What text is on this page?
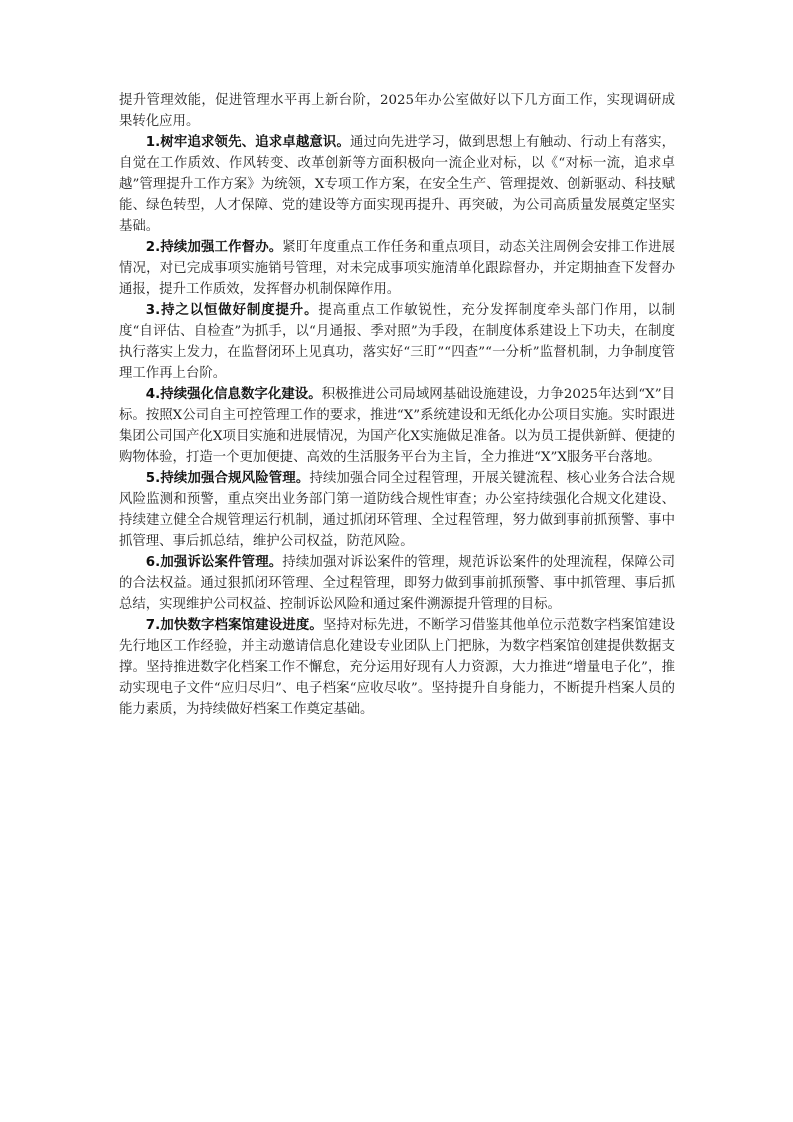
提升管理效能，促进管理水平再上新台阶，2025年办公室做好以下几方面工作，实现调研成果转化应用。

1.树牢追求领先、追求卓越意识。通过向先进学习，做到思想上有触动、行动上有落实，自觉在工作质效、作风转变、改革创新等方面积极向一流企业对标，以《“对标一流，追求卓越”管理提升工作方案》为统领，X专项工作方案，在安全生产、管理提效、创新驱动、科技赋能、绿色转型，人才保障、党的建设等方面实现再提升、再突破，为公司高质量发展奠定坚实基础。

2.持续加强工作督办。紧盯年度重点工作任务和重点项目，动态关注周例会安排工作进展情况，对已完成事项实施销号管理，对未完成事项实施清单化跟踪督办，并定期抽查下发督办通报，提升工作质效，发挥督办机制保障作用。

3.持之以恒做好制度提升。提高重点工作敏锐性，充分发挥制度牵头部门作用，以制度“自评估、自检查”为抓手，以“月通报、季对照”为手段，在制度体系建设上下功夫，在制度执行落实上发力，在监督闭环上见真功，落实好“三盯”“四查”“一分析”监督机制，力争制度管理工作再上台阶。

4.持续强化信息数字化建设。积极推进公司局域网基础设施建设，力争2025年达到“X”目标。按照X公司自主可控管理工作的要求，推进“X”系统建设和无纸化办公项目实施。实时跟进集团公司国产化X项目实施和进展情况，为国产化X实施做足准备。以为员工提供新鲜、便捷的购物体验，打造一个更加便捷、高效的生活服务平台为主旨，全力推进“X”X服务平台落地。

5.持续加强合规风险管理。持续加强合同全过程管理，开展关键流程、核心业务合法合规风险监测和预警，重点突出业务部门第一道防线合规性审查；办公室持续强化合规文化建设、持续建立健全合规管理运行机制，通过抓闭环管理、全过程管理，努力做到事前抓预警、事中抓管理、事后抓总结，维护公司权益，防范风险。

6.加强诉讼案件管理。持续加强对诉讼案件的管理，规范诉讼案件的处理流程，保障公司的合法权益。通过狠抓闭环管理、全过程管理，即努力做到事前抓预警、事中抓管理、事后抓总结，实现维护公司权益、控制诉讼风险和通过案件溯源提升管理的目标。

7.加快数字档案馆建设进度。坚持对标先进，不断学习借鉴其他单位示范数字档案馆建设先行地区工作经验，并主动邀请信息化建设专业团队上门把脉，为数字档案馆创建提供数据支撑。坚持推进数字化档案工作不懈怠，充分运用好现有人力资源，大力推进“增量电子化”，推动实现电子文件“应归尽归”、电子档案“应收尽收”。坚持提升自身能力，不断提升档案人员的能力素质，为持续做好档案工作奠定基础。
